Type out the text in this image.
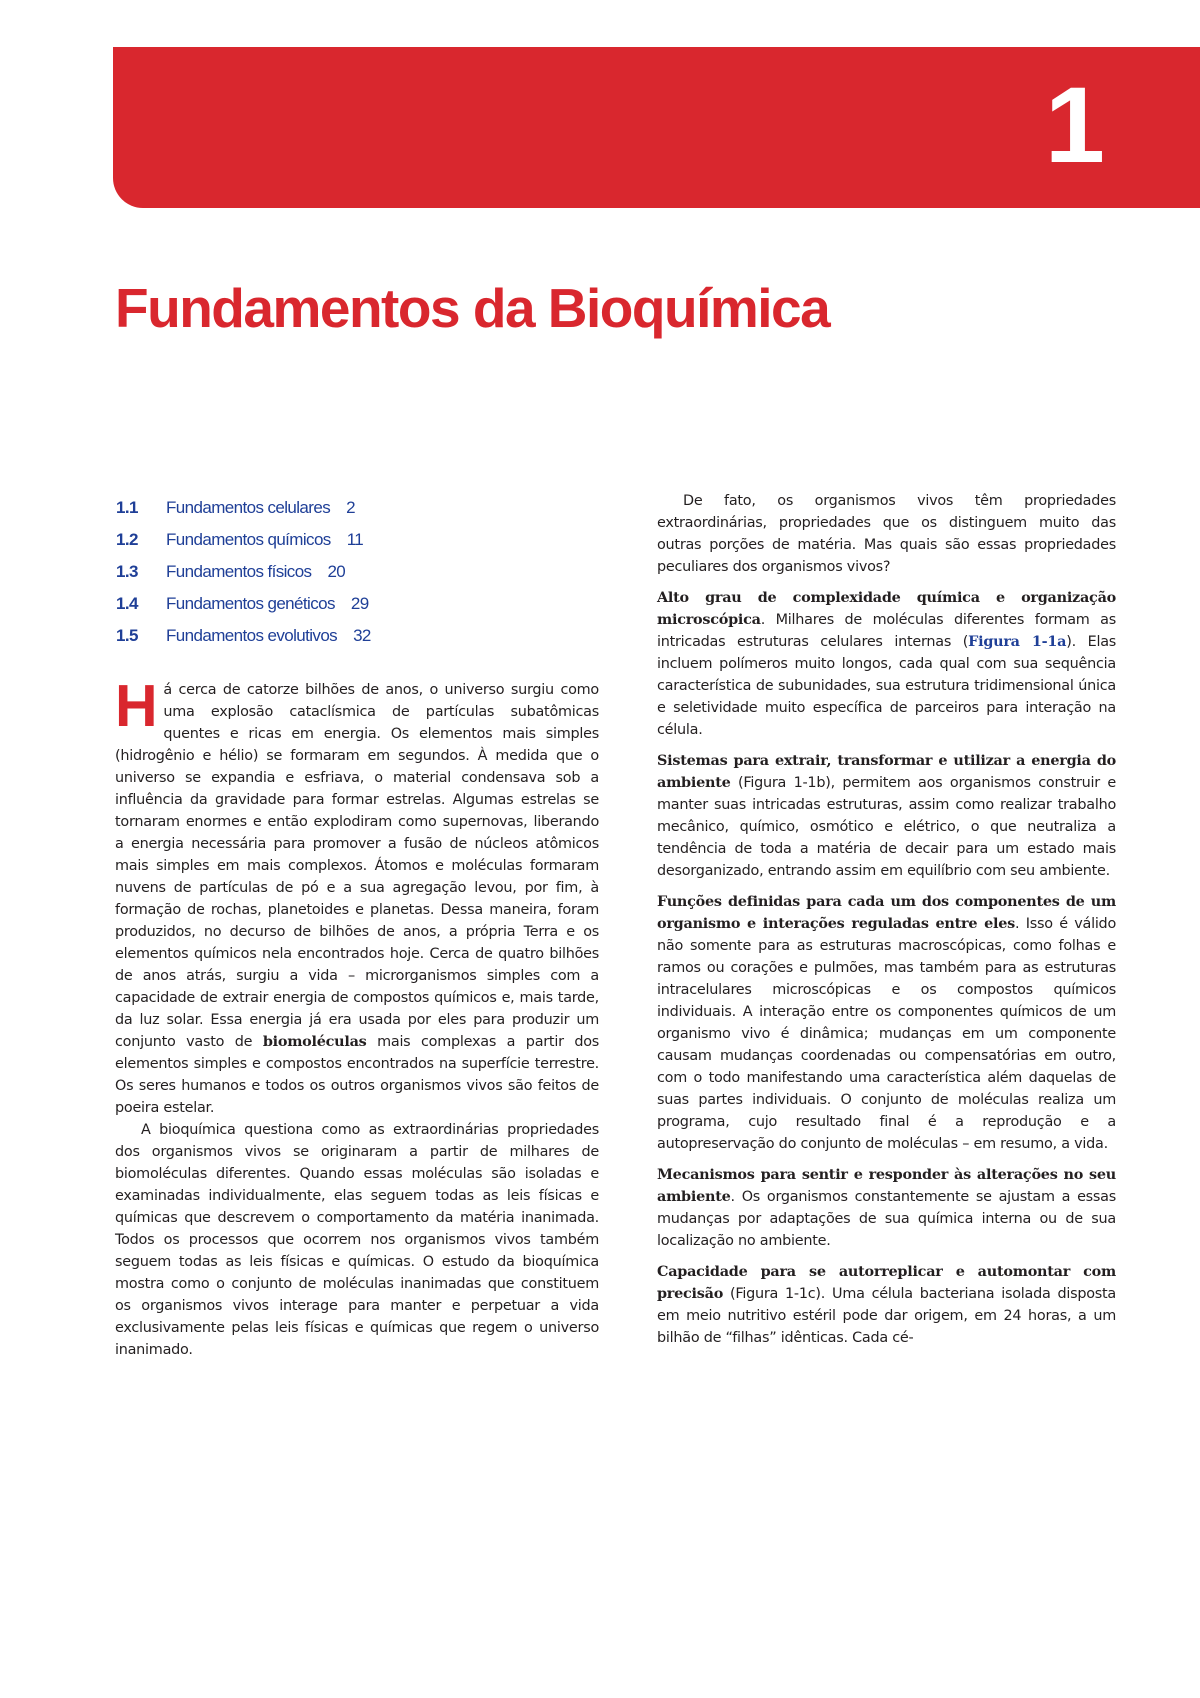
1
Fundamentos da Bioquímica
1.1	Fundamentos celulares 2
1.2	Fundamentos químicos 11
1.3	Fundamentos físicos 20
1.4	Fundamentos genéticos 29
1.5	Fundamentos evolutivos 32

Há cerca de catorze bilhões de anos, o universo surgiu como uma explosão cataclísmica de partículas subatômicas quentes e ricas em energia. Os elementos mais simples (hidrogênio e hélio) se formaram em segundos. À medida que o universo se expandia e esfriava, o material condensava sob a influência da gravidade para formar estrelas. Algumas estrelas se tornaram enormes e então explodiram como supernovas, liberando a energia necessária para promover a fusão de núcleos atômicos mais simples em mais complexos. Átomos e moléculas formaram nuvens de partículas de pó e a sua agregação levou, por fim, à formação de rochas, planetoides e planetas. Dessa maneira, foram produzidos, no decurso de bilhões de anos, a própria Terra e os elementos químicos nela encontrados hoje. Cerca de quatro bilhões de anos atrás, surgiu a vida – microrganismos simples com a capacidade de extrair energia de compostos químicos e, mais tarde, da luz solar. Essa energia já era usada por eles para produzir um conjunto vasto de biomoléculas mais complexas a partir dos elementos simples e compostos encontrados na superfície terrestre. Os seres humanos e todos os outros organismos vivos são feitos de poeira estelar.

A bioquímica questiona como as extraordinárias propriedades dos organismos vivos se originaram a partir de milhares de biomoléculas diferentes. Quando essas moléculas são isoladas e examinadas individualmente, elas seguem todas as leis físicas e químicas que descrevem o comportamento da matéria inanimada. Todos os processos que ocorrem nos organismos vivos também seguem todas as leis físicas e químicas. O estudo da bioquímica mostra como o conjunto de moléculas inanimadas que constituem os organismos vivos interage para manter e perpetuar a vida exclusivamente pelas leis físicas e químicas que regem o universo inanimado.

De fato, os organismos vivos têm propriedades extraordinárias, propriedades que os distinguem muito das outras porções de matéria. Mas quais são essas propriedades peculiares dos organismos vivos?

Alto grau de complexidade química e organização microscópica. Milhares de moléculas diferentes formam as intricadas estruturas celulares internas (Figura 1-1a). Elas incluem polímeros muito longos, cada qual com sua sequência característica de subunidades, sua estrutura tridimensional única e seletividade muito específica de parceiros para interação na célula.

Sistemas para extrair, transformar e utilizar a energia do ambiente (Figura 1-1b), permitem aos organismos construir e manter suas intricadas estruturas, assim como realizar trabalho mecânico, químico, osmótico e elétrico, o que neutraliza a tendência de toda a matéria de decair para um estado mais desorganizado, entrando assim em equilíbrio com seu ambiente.

Funções definidas para cada um dos componentes de um organismo e interações reguladas entre eles. Isso é válido não somente para as estruturas macroscópicas, como folhas e ramos ou corações e pulmões, mas também para as estruturas intracelulares microscópicas e os compostos químicos individuais. A interação entre os componentes químicos de um organismo vivo é dinâmica; mudanças em um componente causam mudanças coordenadas ou compensatórias em outro, com o todo manifestando uma característica além daquelas de suas partes individuais. O conjunto de moléculas realiza um programa, cujo resultado final é a reprodução e a autopreservação do conjunto de moléculas – em resumo, a vida.

Mecanismos para sentir e responder às alterações no seu ambiente. Os organismos constantemente se ajustam a essas mudanças por adaptações de sua química interna ou de sua localização no ambiente.

Capacidade para se autorreplicar e automontar com precisão (Figura 1-1c). Uma célula bacteriana isolada disposta em meio nutritivo estéril pode dar origem, em 24 horas, a um bilhão de “filhas” idênticas. Cada cé-
